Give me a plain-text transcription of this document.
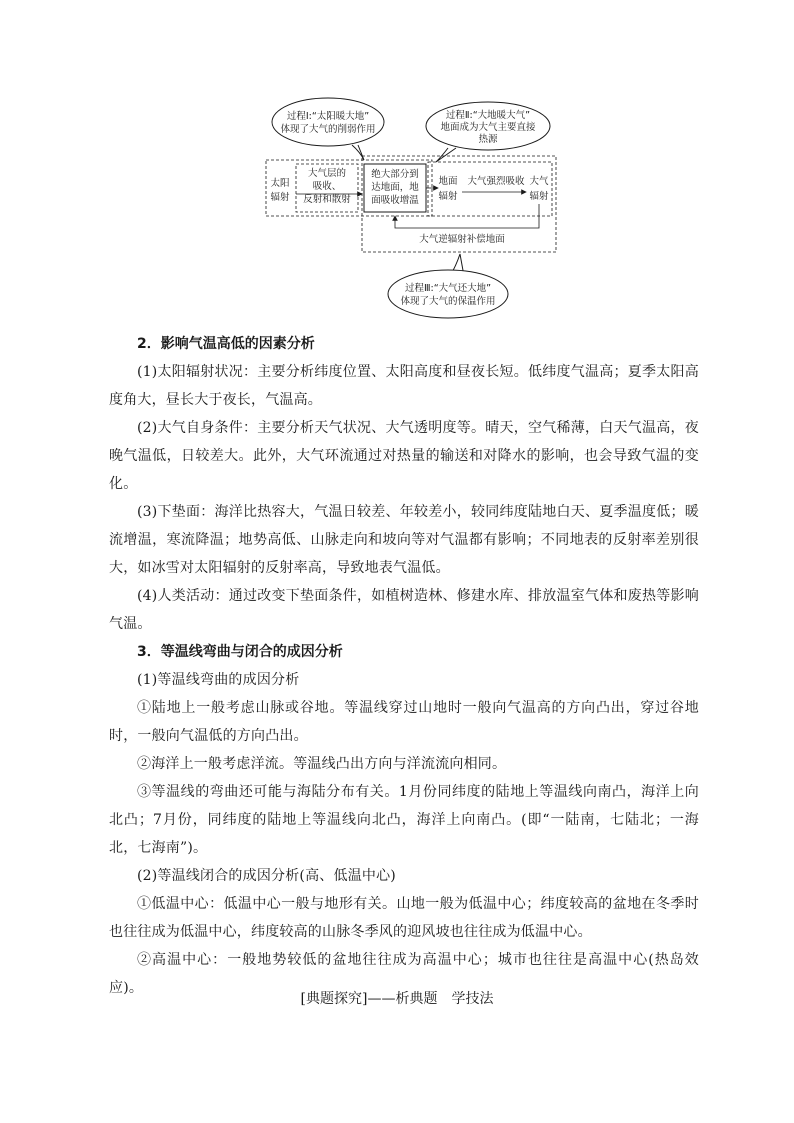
过程Ⅰ:“太阳暖大地”
体现了大气的削弱作用
过程Ⅱ:“大地暖大气”
地面成为大气主要直接
热源
太阳
辐射
大气层的
吸收、
反射和散射
绝大部分到
达地面，地
面吸收增温
地面
辐射
大气强烈吸收 大气
辐射
大气逆辐射补偿地面
过程Ⅲ:“大气还大地”
体现了大气的保温作用

2．影响气温高低的因素分析

(1)太阳辐射状况：主要分析纬度位置、太阳高度和昼夜长短。低纬度气温高；夏季太阳高度角大，昼长大于夜长，气温高。

(2)大气自身条件：主要分析天气状况、大气透明度等。晴天，空气稀薄，白天气温高，夜晚气温低，日较差大。此外，大气环流通过对热量的输送和对降水的影响，也会导致气温的变化。

(3)下垫面：海洋比热容大，气温日较差、年较差小，较同纬度陆地白天、夏季温度低；暖流增温，寒流降温；地势高低、山脉走向和坡向等对气温都有影响；不同地表的反射率差别很大，如冰雪对太阳辐射的反射率高，导致地表气温低。

(4)人类活动：通过改变下垫面条件，如植树造林、修建水库、排放温室气体和废热等影响气温。

3．等温线弯曲与闭合的成因分析

(1)等温线弯曲的成因分析

①陆地上一般考虑山脉或谷地。等温线穿过山地时一般向气温高的方向凸出，穿过谷地时，一般向气温低的方向凸出。

②海洋上一般考虑洋流。等温线凸出方向与洋流流向相同。

③等温线的弯曲还可能与海陆分布有关。1月份同纬度的陆地上等温线向南凸，海洋上向北凸；7月份，同纬度的陆地上等温线向北凸，海洋上向南凸。(即“一陆南，七陆北；一海北，七海南”)。

(2)等温线闭合的成因分析(高、低温中心)

①低温中心：低温中心一般与地形有关。山地一般为低温中心；纬度较高的盆地在冬季时也往往成为低温中心，纬度较高的山脉冬季风的迎风坡也往往成为低温中心。

②高温中心：一般地势较低的盆地往往成为高温中心；城市也往往是高温中心(热岛效应)。

[典题探究]——析典题　学技法
